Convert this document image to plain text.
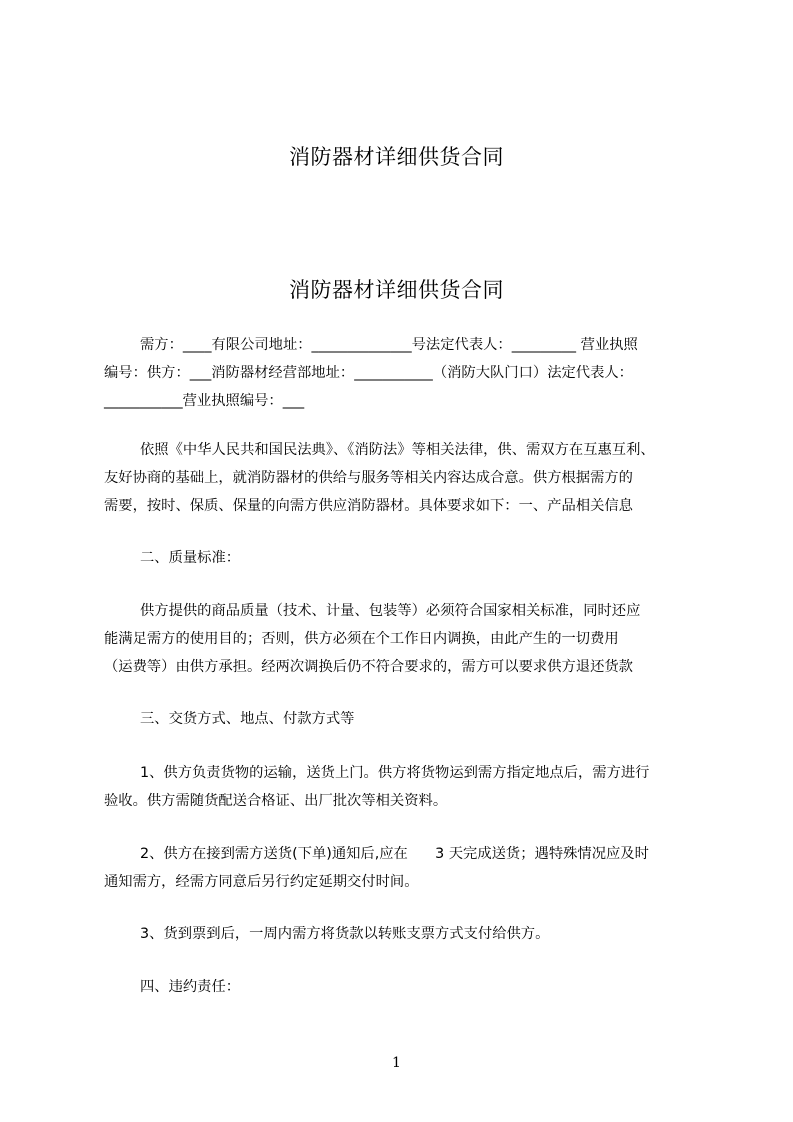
消防器材详细供货合同
消防器材详细供货合同
需方：____有限公司地址：______________号法定代表人：_________ 营业执照
编号：供方：___消防器材经营部地址：___________（消防大队门口）法定代表人：
___________营业执照编号：___
依照《中华人民共和国民法典》、《消防法》等相关法律，供、需双方在互惠互利、
友好协商的基础上，就消防器材的供给与服务等相关内容达成合意。供方根据需方的
需要，按时、保质、保量的向需方供应消防器材。具体要求如下：一、产品相关信息
二、质量标准：
供方提供的商品质量（技术、计量、包装等）必须符合国家相关标准，同时还应
能满足需方的使用目的；否则，供方必须在个工作日内调换，由此产生的一切费用
（运费等）由供方承担。经两次调换后仍不符合要求的，需方可以要求供方退还货款
三、交货方式、地点、付款方式等
1、供方负责货物的运输，送货上门。供方将货物运到需方指定地点后，需方进行
验收。供方需随货配送合格证、出厂批次等相关资料。
2、供方在接到需方送货(下单)通知后,应在      3 天完成送货；遇特殊情况应及时
通知需方，经需方同意后另行约定延期交付时间。
3、货到票到后，一周内需方将货款以转账支票方式支付给供方。
四、违约责任：
1
